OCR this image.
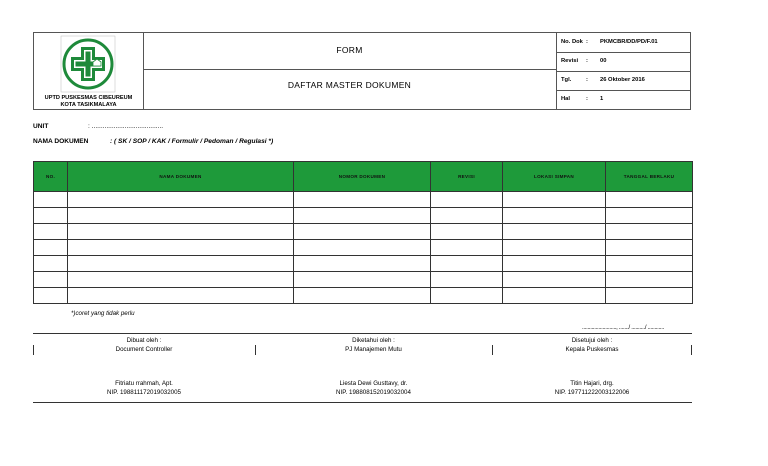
UPTD PUSKESMAS CIBEUREUM
KOTA TASIKMALAYA
FORM
DAFTAR MASTER DOKUMEN
No. Dok : PKMCBR/DD/PD/F.01
Revisi : 00
Tgl.	: 26 Oktober 2016
Hal	: 1
UNIT	: .......................................
NAMA DOKUMEN	: ( SK / SOP / KAK / Formulir / Pedoman / Regulasi *)
NO.	NAMA DOKUMEN	NOMOR DOKUMEN	REVISI	LOKASI SIMPAN	TANGGAL BERLAKU

*)coret yang tidak perlu
........................., ......./ ........../ ............
Dibuat oleh :
Document Controller
Fitriatu rrahmah, Apt.
NIP. 198811172019032005
Diketahui oleh :
PJ Manajemen Mutu
Liesta Dewi Gusttavy, dr.
NIP. 198808152019032004
Disetujui oleh :
Kepala Puskesmas
Titin Hajari, drg.
NIP. 197711222003122006
